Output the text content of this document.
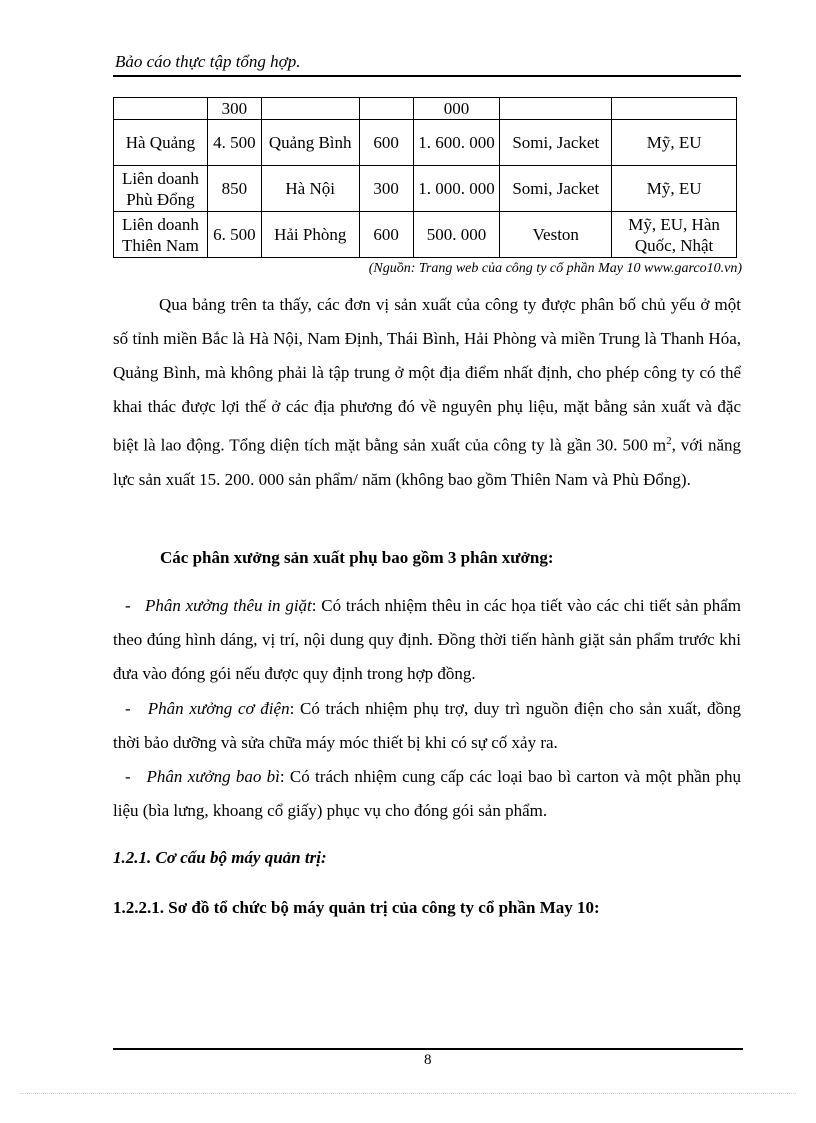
Bảo cáo thực tập tổng hợp.
	300			000		
Hà Quảng	4. 500	Quảng Bình	600	1. 600. 000	Somi, Jacket	Mỹ, EU
Liên doanh Phù Đổng	850	Hà Nội	300	1. 000. 000	Somi, Jacket	Mỹ, EU
Liên doanh Thiên Nam	6. 500	Hải Phòng	600	500. 000	Veston	Mỹ, EU, Hàn Quốc, Nhật
(Nguồn: Trang web của công ty cổ phần May 10 www.garco10.vn)
Qua bảng trên ta thấy, các đơn vị sản xuất của công ty được phân bố chủ yếu ở một số tỉnh miền Bắc là Hà Nội, Nam Định, Thái Bình, Hải Phòng và miền Trung là Thanh Hóa, Quảng Bình, mà không phải là tập trung ở một địa điểm nhất định, cho phép công ty có thể khai thác được lợi thế ở các địa phương đó về nguyên phụ liệu, mặt bằng sản xuất và đặc biệt là lao động. Tổng diện tích mặt bằng sản xuất của công ty là gần 30. 500 $m^2$, với năng lực sản xuất 15. 200. 000 sản phẩm/ năm (không bao gồm Thiên Nam và Phù Đổng).
Các phân xưởng sản xuất phụ bao gồm 3 phân xưởng:
- Phân xưởng thêu in giặt: Có trách nhiệm thêu in các họa tiết vào các chi tiết sản phẩm theo đúng hình dáng, vị trí, nội dung quy định. Đồng thời tiến hành giặt sản phẩm trước khi đưa vào đóng gói nếu được quy định trong hợp đồng.
- Phân xưởng cơ điện: Có trách nhiệm phụ trợ, duy trì nguồn điện cho sản xuất, đồng thời bảo dưỡng và sửa chữa máy móc thiết bị khi có sự cố xảy ra.
- Phân xưởng bao bì: Có trách nhiệm cung cấp các loại bao bì carton và một phần phụ liệu (bìa lưng, khoang cổ giấy) phục vụ cho đóng gói sản phẩm.
1.2.1. Cơ cấu bộ máy quản trị:
1.2.2.1. Sơ đồ tổ chức bộ máy quản trị của công ty cổ phần May 10:
8
